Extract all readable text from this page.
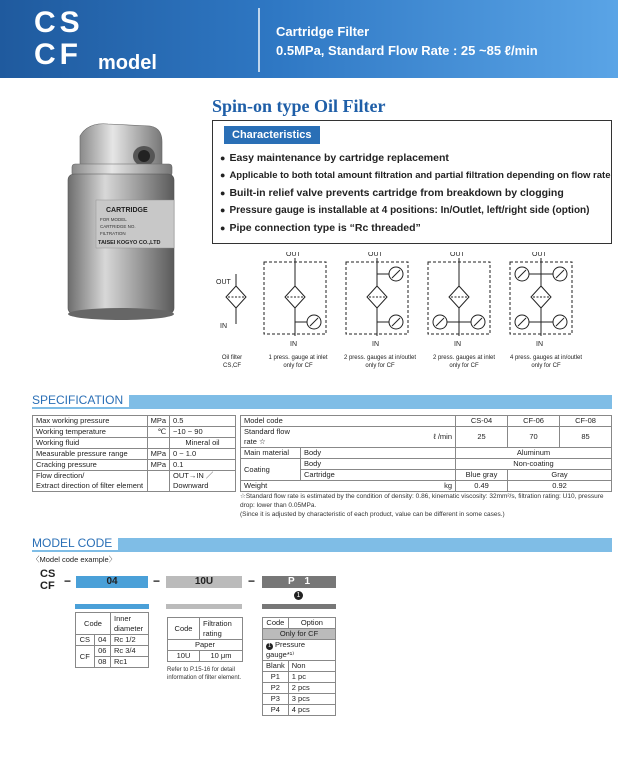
CS
CF model
Cartridge Filter
0.5MPa, Standard Flow Rate : 25 ~85 ℓ/min
CARTRIDGE
FOR MODEL
CARTRIDGE NO.
FILTRATION
TAISEI KOGYO CO.,LTD
Spin-on type Oil Filter
Characteristics
● Easy maintenance by cartridge replacement
● Applicable to both total amount filtration and partial filtration depending on flow rate
● Built-in relief valve prevents cartridge from breakdown by clogging
● Pressure gauge is installable at 4 positions: In/Outlet, left/right side (option)
● Pipe connection type is “Rc threaded”
OUT
IN
OUT
IN
OUT
IN
OUT
IN
OUT
IN
Oil filter
CS,CF
1 press. gauge at inlet
only for CF
2 press. gauges at in/outlet
only for CF
2 press. gauges at inlet
only for CF
4 press. gauges at in/outlet
only for CF
SPECIFICATION
Max working pressure	MPa	0.5
Working temperature	℃	−10 ~ 90
Working fluid		Mineral oil
Measurable pressure range	MPa	0 ~ 1.0
Cracking pressure	MPa	0.1
Flow direction/
Extract direction of filter element		OUT→IN ／
Downward
Model code		CS-04	CF-06	CF-08
Standard flow rate ☆	ℓ /min	25	70	85
Main material	Body	Aluminum		
Coating	Body	Non-coating		
	Cartridge	Blue gray	Gray	
Weight	kg	0.49	0.92	
☆Standard flow rate is estimated by the condition of density: 0.86, kinematic viscosity: 32mm²/s, filtration rating: U10, pressure drop: lower than 0.05MPa.
(Since it is adjusted by characteristic of each product, value can be different in some cases.)
MODEL CODE
〈Model code example〉
CS
CF −	04	−	10U	−	P　1
1
Code		Inner diameter
CS	04	Rc 1/2
CF	06	Rc 3/4
	08	Rc1
Code	Filtration rating
Paper	
10U	10 μm
Refer to P.15-16 for detail information of filter element.
Code	Option
Only for CF	
1 Pressure gauge*¹⁾	
Blank	Non
P1	1 pc
P2	2 pcs
P3	3 pcs
P4	4 pcs
